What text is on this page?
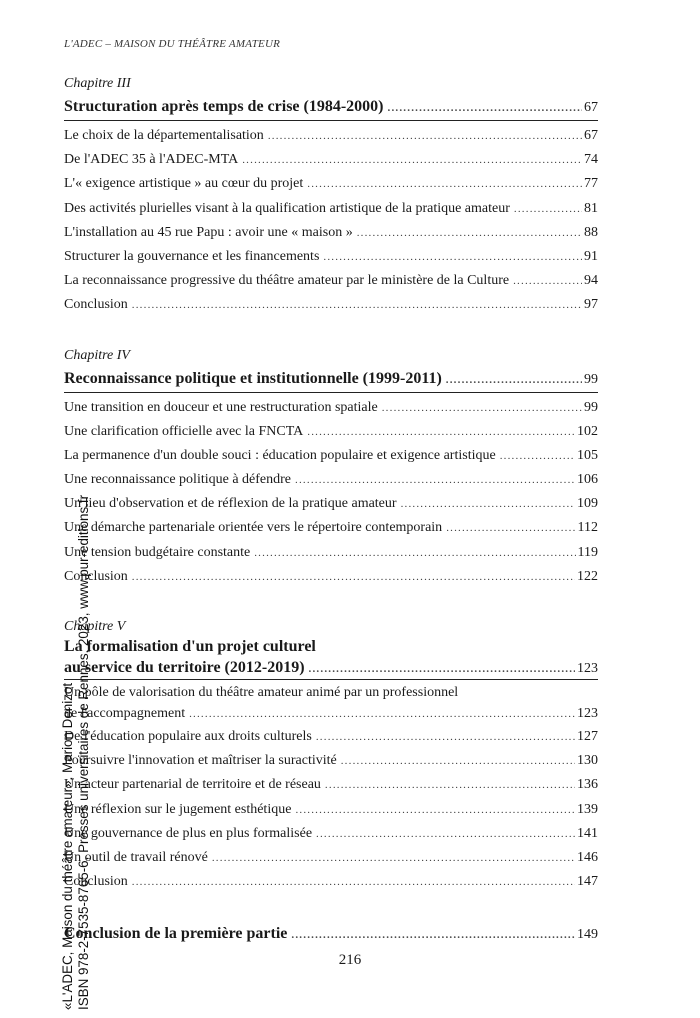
L'ADEC – MAISON DU THÉÂTRE AMATEUR
Chapitre III
Structuration après temps de crise (1984-2000) .....	67
Le choix de la départementalisation .....	67
De l'ADEC 35 à l'ADEC-MTA .....	74
L'« exigence artistique » au cœur du projet .....	77
Des activités plurielles visant à la qualification artistique de la pratique amateur .....	81
L'installation au 45 rue Papu : avoir une « maison » .....	88
Structurer la gouvernance et les financements .....	91
La reconnaissance progressive du théâtre amateur par le ministère de la Culture .....	94
Conclusion .....	97
Chapitre IV
Reconnaissance politique et institutionnelle (1999-2011) .....	99
Une transition en douceur et une restructuration spatiale .....	99
Une clarification officielle avec la FNCTA .....	102
La permanence d'un double souci : éducation populaire et exigence artistique .....	105
Une reconnaissance politique à défendre .....	106
Un lieu d'observation et de réflexion de la pratique amateur .....	109
Une démarche partenariale orientée vers le répertoire contemporain .....	112
Une tension budgétaire constante .....	119
Conclusion .....	122
Chapitre V
La formalisation d'un projet culturel
au service du territoire (2012-2019) .....	123
Un pôle de valorisation du théâtre amateur animé par un professionnel
de l'accompagnement .....	123
De l'éducation populaire aux droits culturels .....	127
Poursuivre l'innovation et maîtriser la suractivité .....	130
Un acteur partenarial de territoire et de réseau .....	136
Une réflexion sur le jugement esthétique .....	139
Une gouvernance de plus en plus formalisée .....	141
Un outil de travail rénové .....	146
Conclusion .....	147
Conclusion de la première partie .....	149
216
«L'ADEC, Maison du théâtre amateur», Marion Denizot ISBN 978-2-7535-8765-6, Presses universitaires de Rennes, 2023, www.pur-editions.fr
